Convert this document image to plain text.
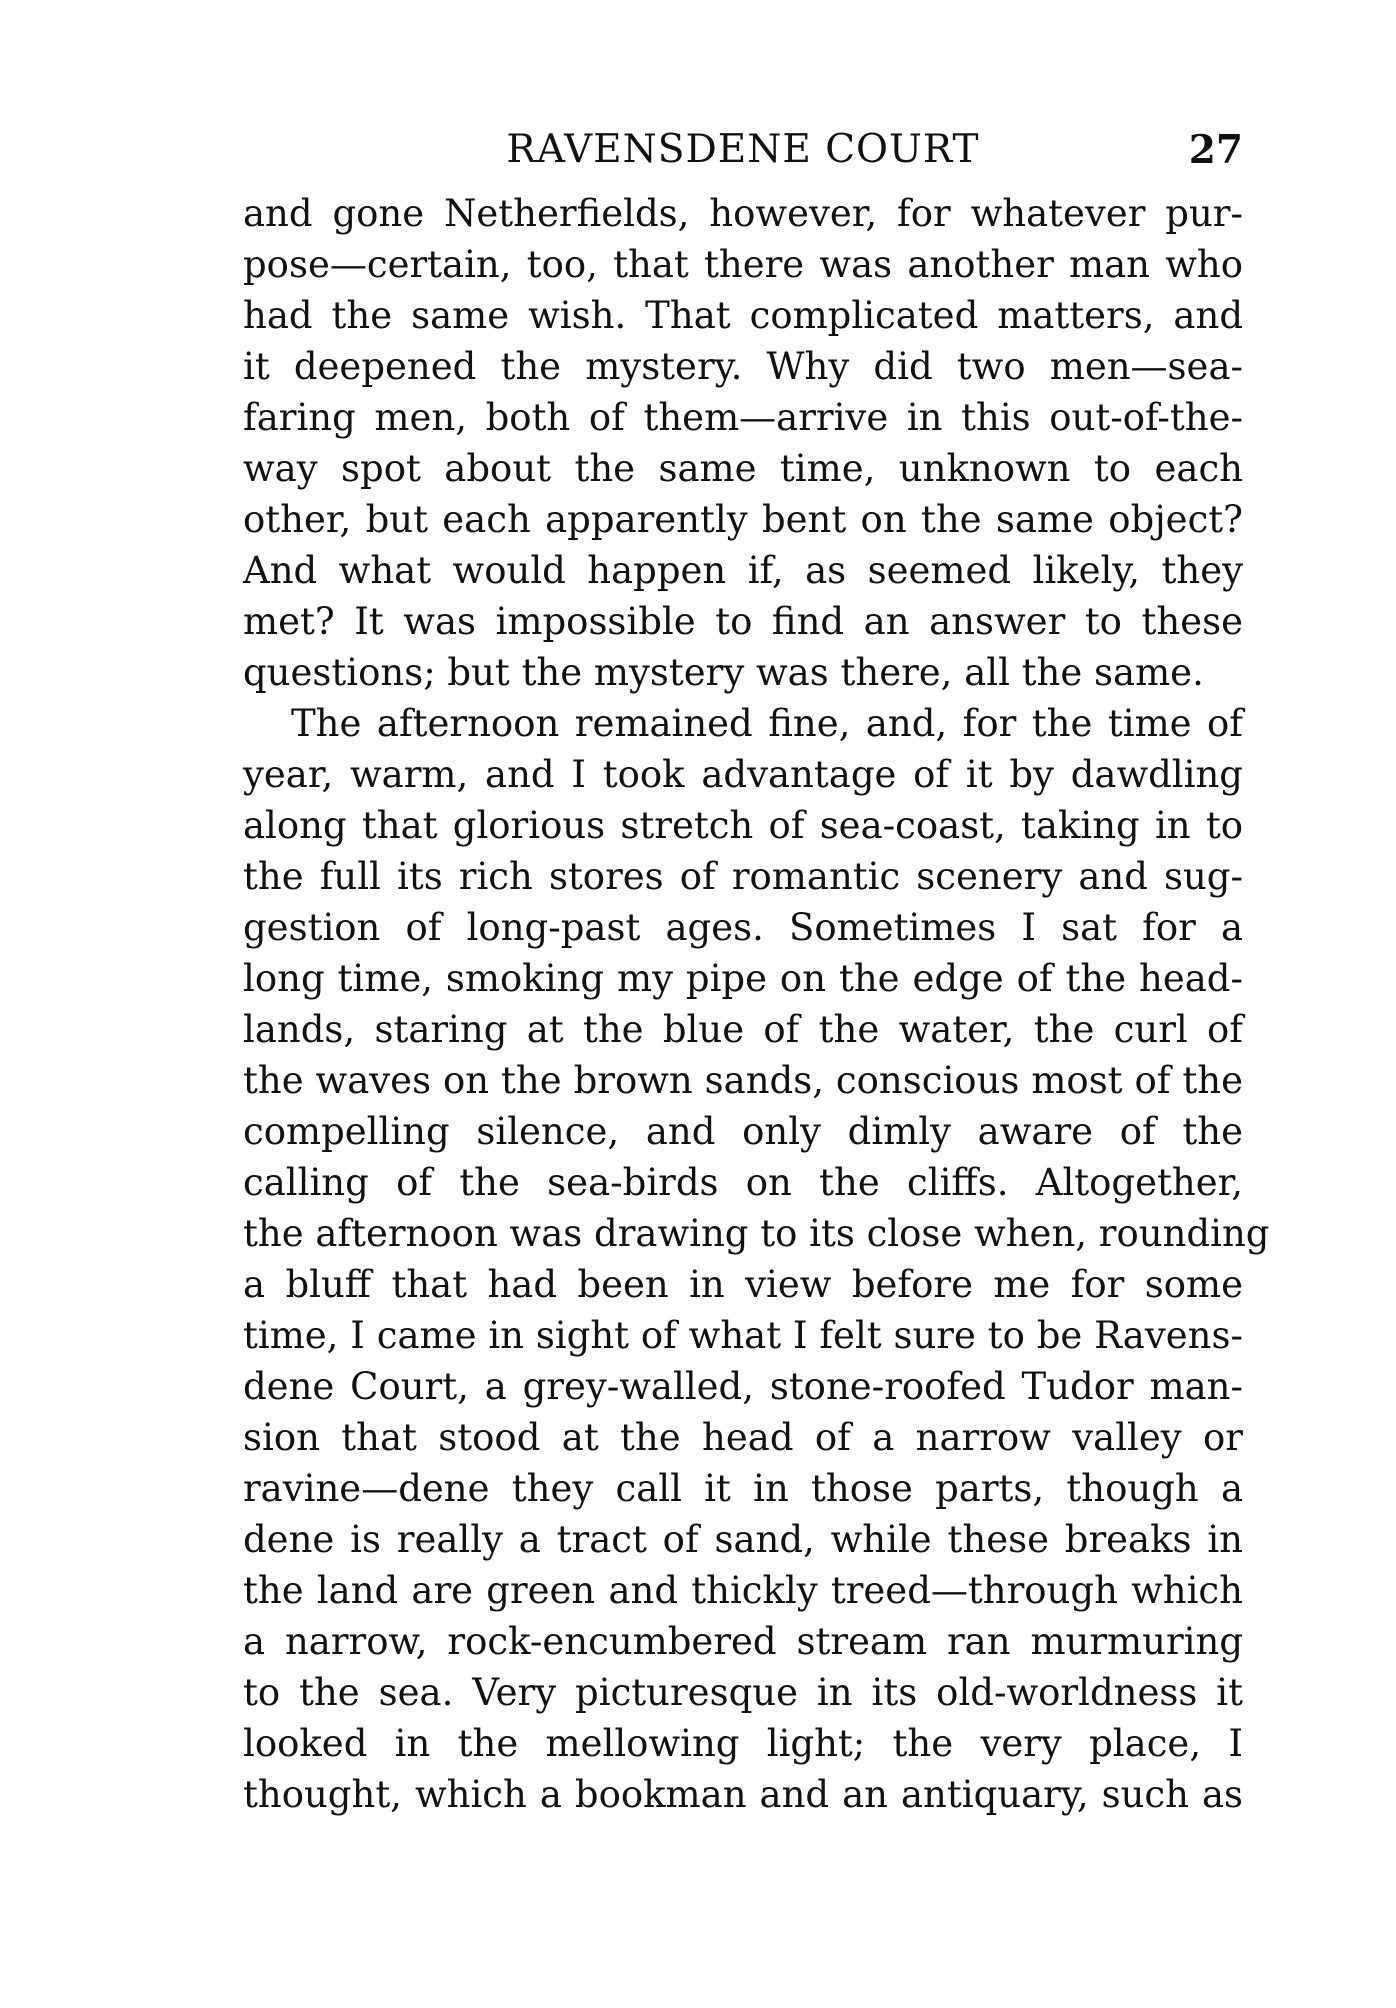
RAVENSDENE COURT	27
and gone Netherfields, however, for whatever pur-
pose—certain, too, that there was another man who
had the same wish. That complicated matters, and
it deepened the mystery. Why did two men—sea-
faring men, both of them—arrive in this out-of-the-
way spot about the same time, unknown to each
other, but each apparently bent on the same object?
And what would happen if, as seemed likely, they
met? It was impossible to find an answer to these
questions; but the mystery was there, all the same.
The afternoon remained fine, and, for the time of
year, warm, and I took advantage of it by dawdling
along that glorious stretch of sea-coast, taking in to
the full its rich stores of romantic scenery and sug-
gestion of long-past ages. Sometimes I sat for a
long time, smoking my pipe on the edge of the head-
lands, staring at the blue of the water, the curl of
the waves on the brown sands, conscious most of the
compelling silence, and only dimly aware of the
calling of the sea-birds on the cliffs. Altogether,
the afternoon was drawing to its close when, rounding
a bluff that had been in view before me for some
time, I came in sight of what I felt sure to be Ravens-
dene Court, a grey-walled, stone-roofed Tudor man-
sion that stood at the head of a narrow valley or
ravine—dene they call it in those parts, though a
dene is really a tract of sand, while these breaks in
the land are green and thickly treed—through which
a narrow, rock-encumbered stream ran murmuring
to the sea. Very picturesque in its old-worldness it
looked in the mellowing light; the very place, I
thought, which a bookman and an antiquary, such as
